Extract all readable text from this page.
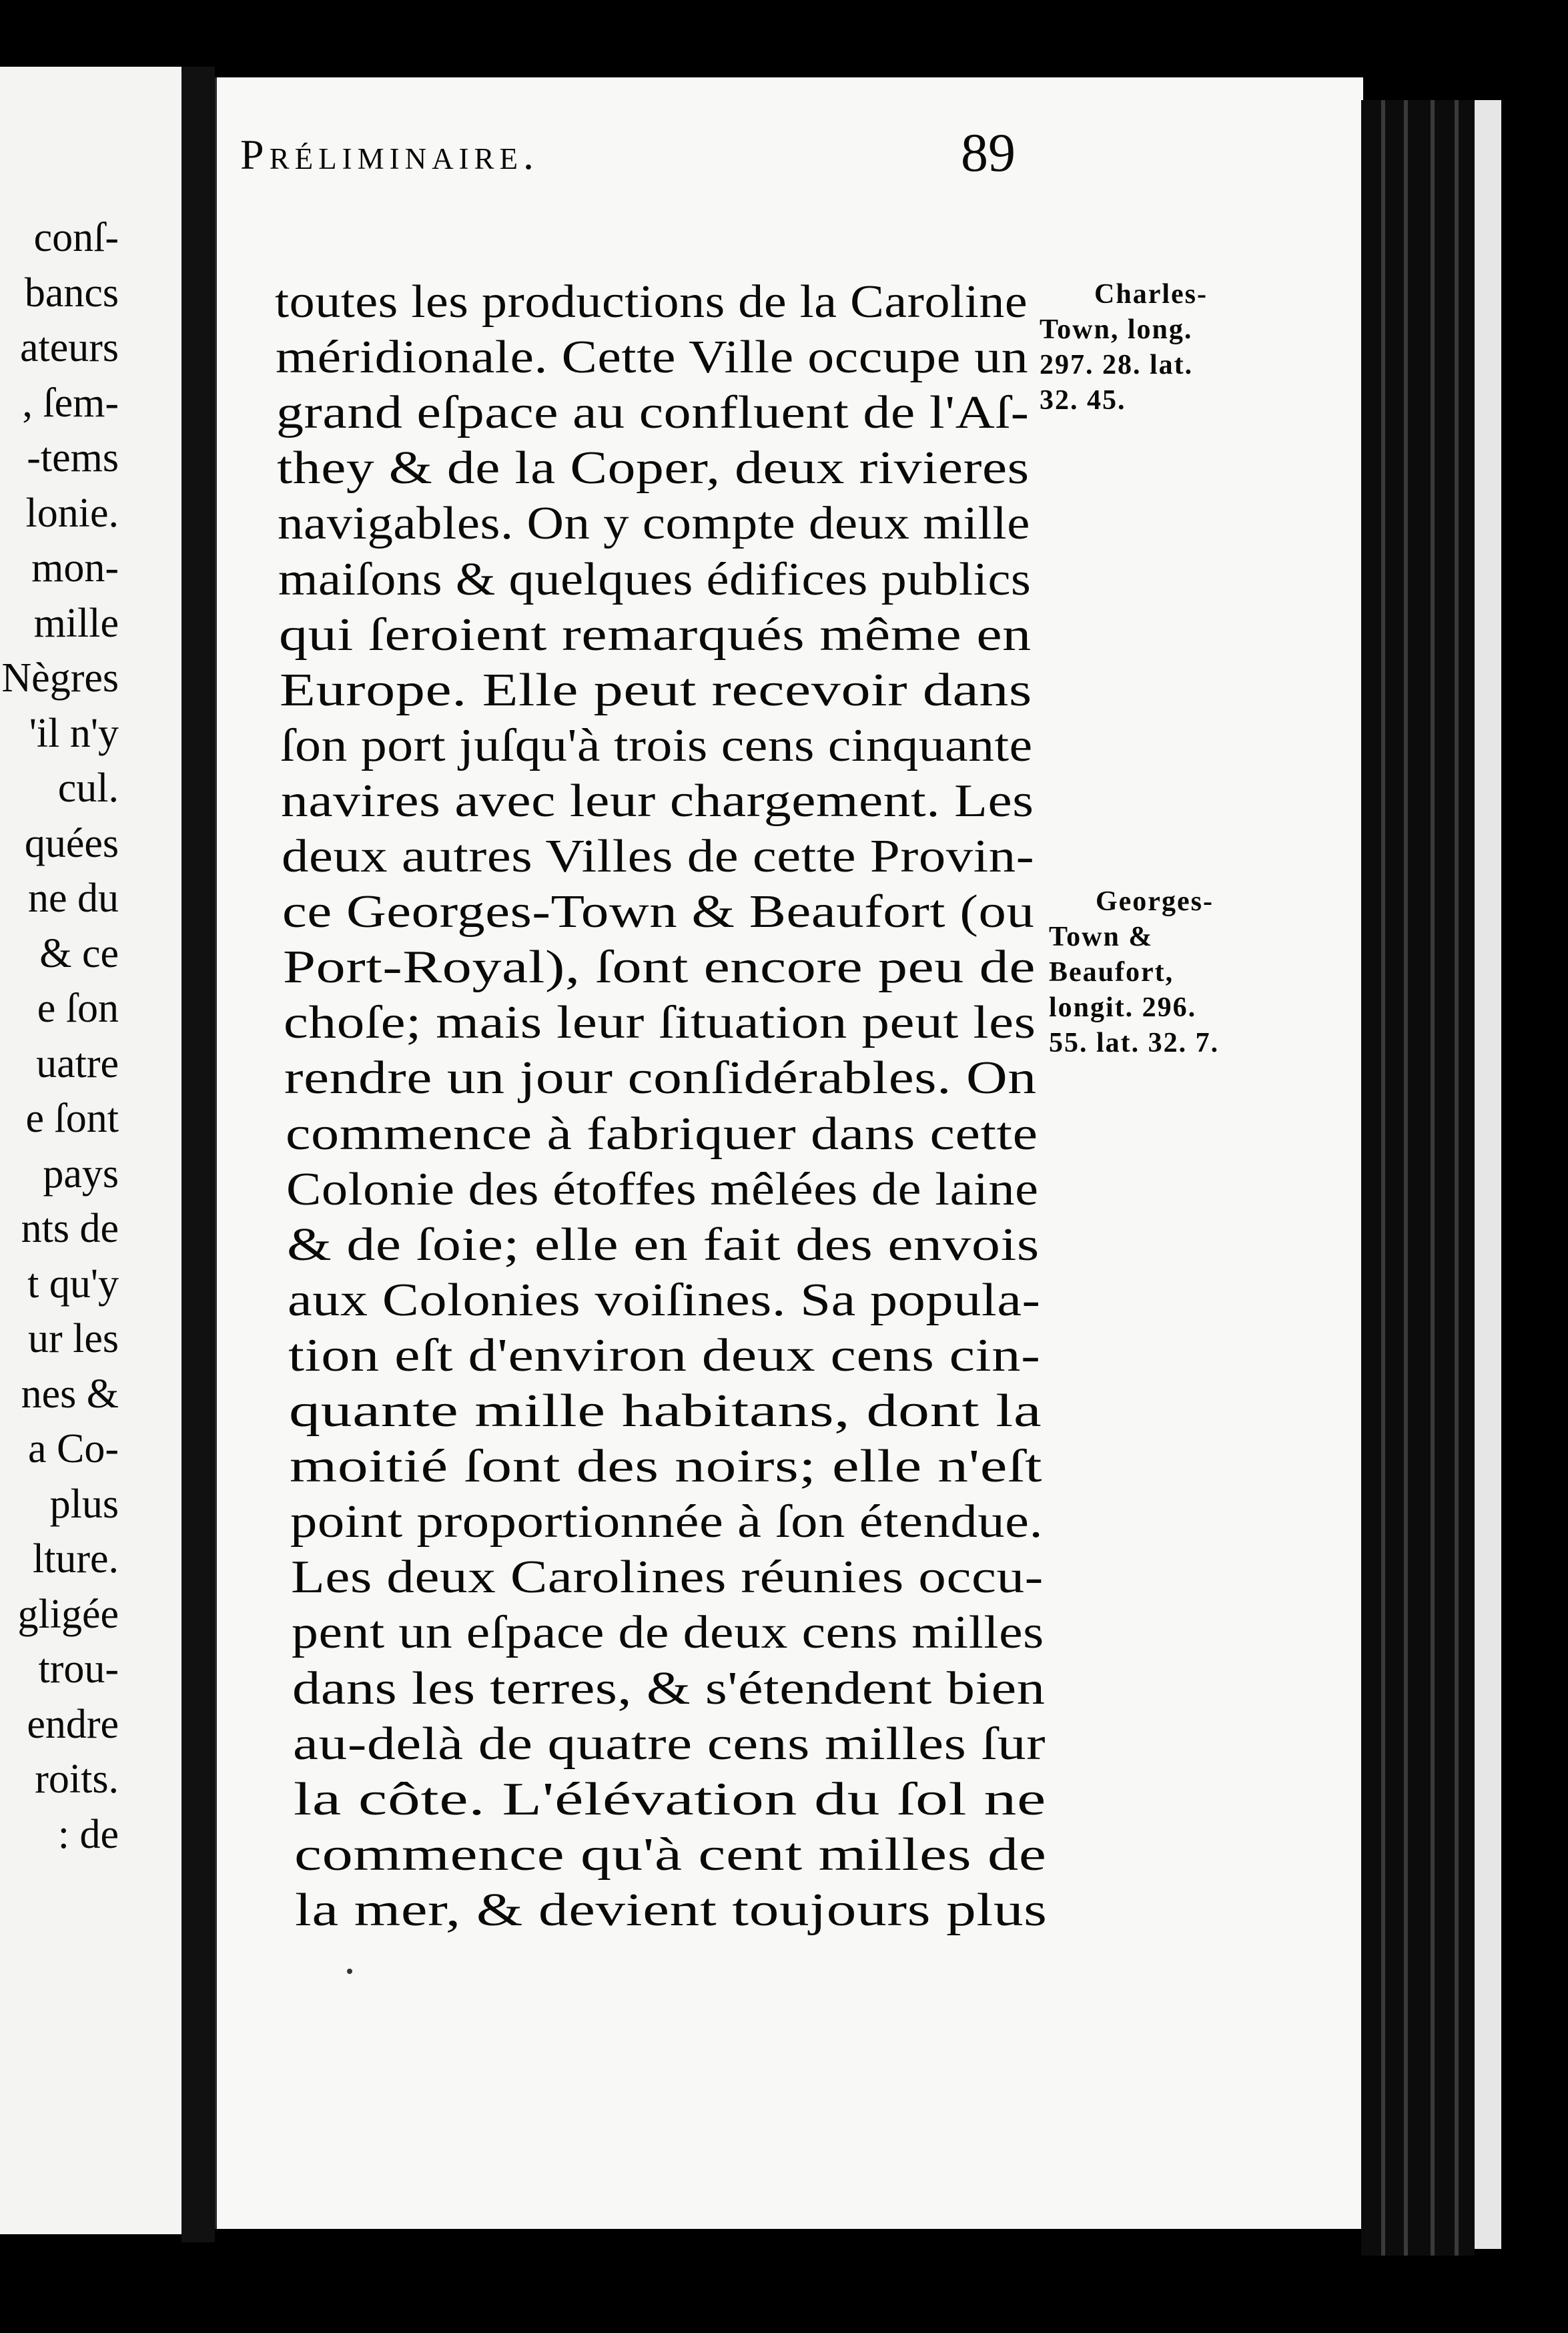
conſ-
bancs
ateurs
, ſem-
-tems
lonie.
mon-
mille
Nègres
'il n'y
cul.
quées
ne du
& ce
e ſon
uatre
e ſont
pays
nts de
t qu'y
ur les
nes &
a Co-
plus
lture.
gligée
trou-
endre
roits.
: de
Préliminaire.	89
toutes les productions de la Caroline
méridionale. Cette Ville occupe un
grand eſpace au confluent de l'Aſ-
they & de la Coper, deux rivieres
navigables. On y compte deux mille
maiſons & quelques édifices publics
qui ſeroient remarqués même en
Europe. Elle peut recevoir dans
ſon port juſqu'à trois cens cinquante
navires avec leur chargement. Les
deux autres Villes de cette Provin-
ce Georges-Town & Beaufort (ou
Port-Royal), ſont encore peu de
choſe; mais leur ſituation peut les
rendre un jour conſidérables. On
commence à fabriquer dans cette
Colonie des étoffes mêlées de laine
& de ſoie; elle en fait des envois
aux Colonies voiſines. Sa popula-
tion eſt d'environ deux cens cin-
quante mille habitans, dont la
moitié ſont des noirs; elle n'eſt
point proportionnée à ſon étendue.
Les deux Carolines réunies occu-
pent un eſpace de deux cens milles
dans les terres, & s'étendent bien
au-delà de quatre cens milles ſur
la côte. L'élévation du ſol ne
commence qu'à cent milles de
la mer, & devient toujours plus
Charles-
Town, long.
297. 28. lat.
32. 45.
Georges-
Town &
Beaufort,
longit. 296.
55. lat. 32. 7.
